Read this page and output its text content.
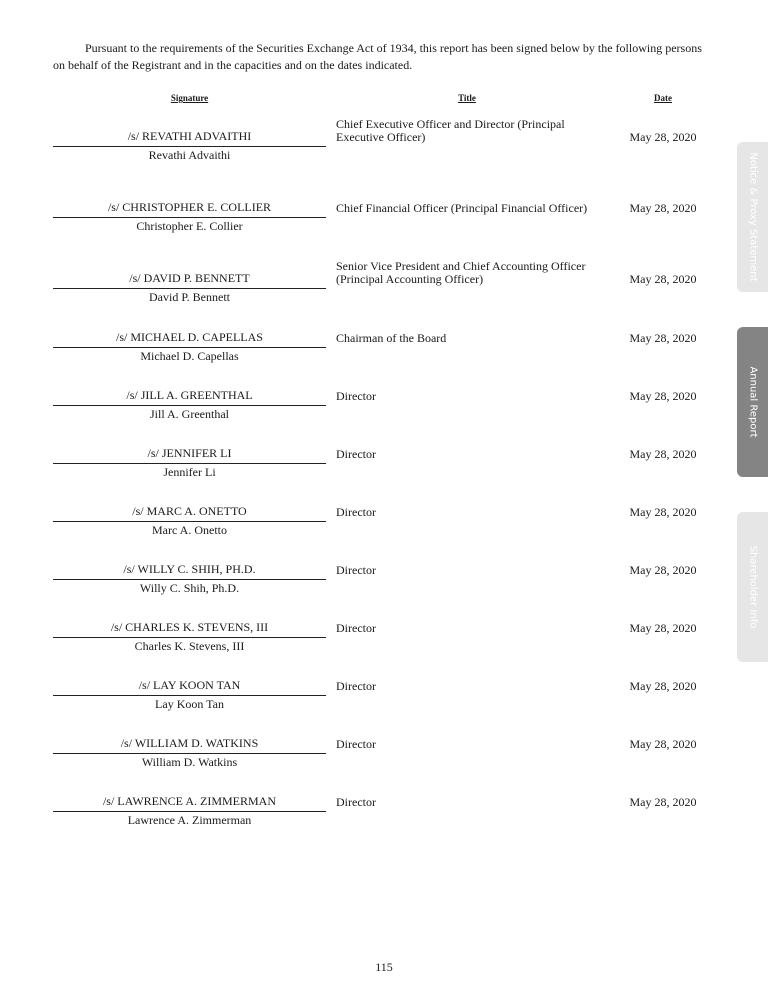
Pursuant to the requirements of the Securities Exchange Act of 1934, this report has been signed below by the following persons on behalf of the Registrant and in the capacities and on the dates indicated.

Signature	Title	Date
/s/ REVATHI ADVAITHI
Revathi Advaithi
Chief Executive Officer and Director (Principal Executive Officer)	May 28, 2020
/s/ CHRISTOPHER E. COLLIER
Christopher E. Collier
Chief Financial Officer (Principal Financial Officer)	May 28, 2020
/s/ DAVID P. BENNETT
David P. Bennett
Senior Vice President and Chief Accounting Officer (Principal Accounting Officer)	May 28, 2020
/s/ MICHAEL D. CAPELLAS
Michael D. Capellas
Chairman of the Board	May 28, 2020
/s/ JILL A. GREENTHAL
Jill A. Greenthal
Director	May 28, 2020
/s/ JENNIFER LI
Jennifer Li
Director	May 28, 2020
/s/ MARC A. ONETTO
Marc A. Onetto
Director	May 28, 2020
/s/ WILLY C. SHIH, PH.D.
Willy C. Shih, Ph.D.
Director	May 28, 2020
/s/ CHARLES K. STEVENS, III
Charles K. Stevens, III
Director	May 28, 2020
/s/ LAY KOON TAN
Lay Koon Tan
Director	May 28, 2020
/s/ WILLIAM D. WATKINS
William D. Watkins
Director	May 28, 2020
/s/ LAWRENCE A. ZIMMERMAN
Lawrence A. Zimmerman
Director	May 28, 2020
115
Notice & Proxy Statement
Annual Report
Shareholder Info
